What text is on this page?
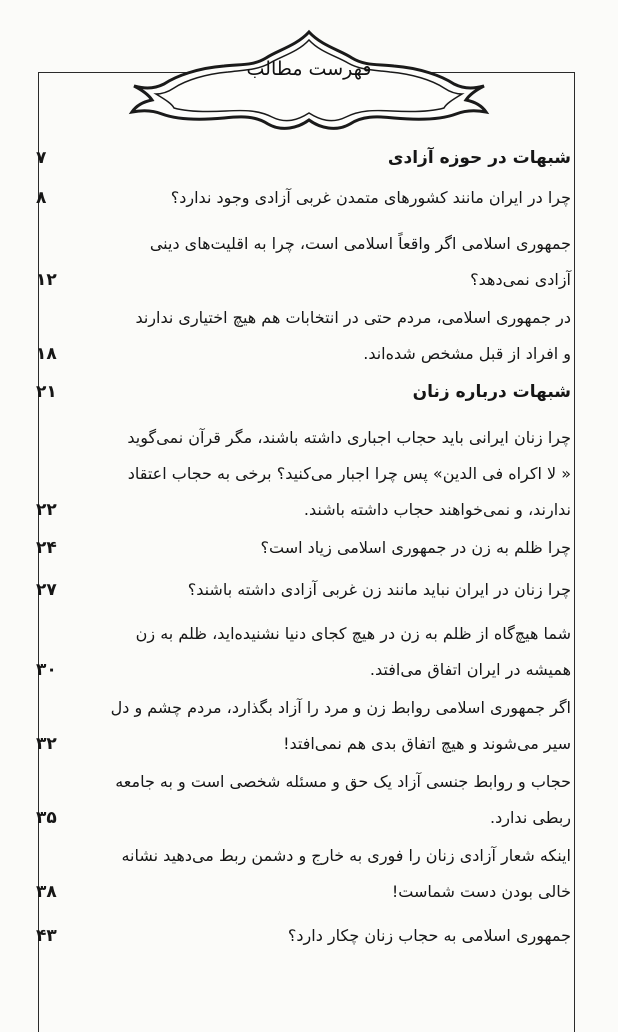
فهرست مطالب
شبهات در حوزه آزادی
۷
چرا در ایران مانند کشورهای متمدن غربی آزادی وجود ندارد؟
۸
جمهوری اسلامی اگر واقعاً اسلامی است، چرا به اقلیت‌های دینی
آزادی نمی‌دهد؟
۱۲
در جمهوری اسلامی، مردم حتی در انتخابات هم هیچ اختیاری ندارند
و افراد از قبل مشخص شده‌اند.
۱۸
شبهات درباره زنان
۲۱
چرا زنان ایرانی باید حجاب اجباری داشته باشند، مگر قرآن نمی‌گوید
« لا اکراه فی الدین» پس چرا اجبار می‌کنید؟ برخی به حجاب اعتقاد
ندارند، و نمی‌خواهند حجاب داشته باشند.
۲۲
چرا ظلم به زن در جمهوری اسلامی زیاد است؟
۲۴
چرا زنان در ایران نباید مانند زن غربی آزادی داشته باشند؟
۲۷
شما هیچ‌گاه از ظلم به زن در هیچ کجای دنیا نشنیده‌اید، ظلم به زن
همیشه در ایران اتفاق می‌افتد.
۳۰
اگر جمهوری اسلامی روابط زن و مرد را آزاد بگذارد، مردم چشم و دل
سیر می‌شوند و هیچ اتفاق بدی هم نمی‌افتد!
۳۲
حجاب و روابط جنسی آزاد یک حق و مسئله شخصی است و به جامعه
ربطی ندارد.
۳۵
اینکه شعار آزادی زنان را فوری به خارج و دشمن ربط می‌دهید نشانه
خالی بودن دست شماست!
۳۸
جمهوری اسلامی به حجاب زنان چکار دارد؟
۴۳
